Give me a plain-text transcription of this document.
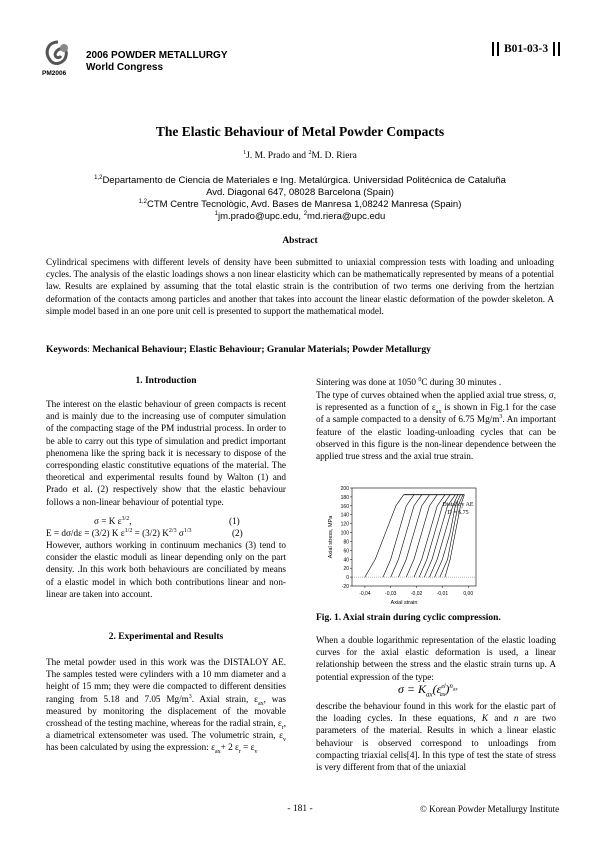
PM2006
2006 POWDER METALLURGY
World Congress
B01-03-3
The Elastic Behaviour of Metal Powder Compacts
$^1$J. M. Prado and $^2$M. D. Riera
$^{1,2}$Departamento de Ciencia de Materiales e Ing. Metalúrgica. Universidad Politécnica de Cataluña
Avd. Diagonal 647, 08028 Barcelona (Spain)
$^{1,2}$CTM Centre Tecnològic, Avd. Bases de Manresa 1,08242 Manresa (Spain)
$^1$jm.prado@upc.edu, $^2$md.riera@upc.edu
Abstract
Cylindrical specimens with different levels of density have been submitted to uniaxial compression tests with loading and unloading cycles. The analysis of the elastic loadings shows a non linear elasticity which can be mathematically represented by means of a potential law. Results are explained by assuming that the total elastic strain is the contribution of two terms one deriving from the hertzian deformation of the contacts among particles and another that takes into account the linear elastic deformation of the powder skeleton. A simple model based in an one pore unit cell is presented to support the mathematical model.
Keywords: Mechanical Behaviour; Elastic Behaviour; Granular Materials; Powder Metallurgy
1. Introduction
The interest on the elastic behaviour of green compacts is recent and is mainly due to the increasing use of computer simulation of the compacting stage of the PM industrial process. In order to be able to carry out this type of simulation and predict important phenomena like the spring back it is necessary to dispose of the corresponding elastic constitutive equations of the material. The theoretical and experimental results found by Walton (1) and Prado et al. (2) respectively show that the elastic behaviour follows a non-linear behaviour of potential type.
σ = K $\varepsilon^{3/2}$,	(1)
E = dσ/dε = (3/2) K $\varepsilon^{1/2} = (3/2)$ $K^{2/3}$ $\sigma^{1/3}$	(2)
However, authors working in continuum mechanics (3) tend to consider the elastic moduli as linear depending only on the part density. .In this work both behaviours are conciliated by means of a elastic model in which both contributions linear and non-linear are taken into account.
2. Experimental and Results
The metal powder used in this work was the DISTALOY AE. The samples tested were cylinders with a 10 mm diameter and a height of 15 mm; they were die compacted to different densities ranging from 5.18 and 7.05 $Mg/m^3$. Axial strain, $\varepsilon_{ax}$, was measured by monitoring the displacement of the movable crosshead of the testing machine, whereas for the radial strain, $\varepsilon_r$, a diametrical extensometer was used. The volumetric strain, $\varepsilon_v$ has been calculated by using the expression: $\varepsilon_{ax}+ 2$ $\varepsilon_r = \varepsilon_v$
Sintering was done at 1050 $^0$C during 30 minutes .
The type of curves obtained when the applied axial true stress, σ, is represented as a function of $\varepsilon_{ax}$ is shown in Fig.1 for the case of a sample compacted to a density of 6.75 $Mg/m^3$. An important feature of the elastic loading-unloading cycles that can be observed in this figure is the non-linear dependence between the applied true stress and the axial true strain.
200
180
160
140
120
100
80
60
40
20
0
-20
-0,04	-0,03	-0,02	-0,01	0,00
Axial strain
Axial stress, MPa
Distalloy AE
D = 6.75
Fig. 1. Axial strain during cyclic compression.
When a double logarithmic representation of the elastic loading curves for the axial elastic deformation is used, a linear relationship between the stress and the elastic strain turns up. A potential expression of the type:
$\sigma = K_{ax}(\varepsilon^{el}_{ax})^{n_{ax}}$
describe the behaviour found in this work for the elastic part of the loading cycles. In these equations, K and n are two parameters of the material. Results in which a linear elastic behaviour is observed correspond to unloadings from compacting triaxial cells[4]. In this type of test the state of stress is very different from that of the uniaxial
- 181 -	© Korean Powder Metallurgy Institute
